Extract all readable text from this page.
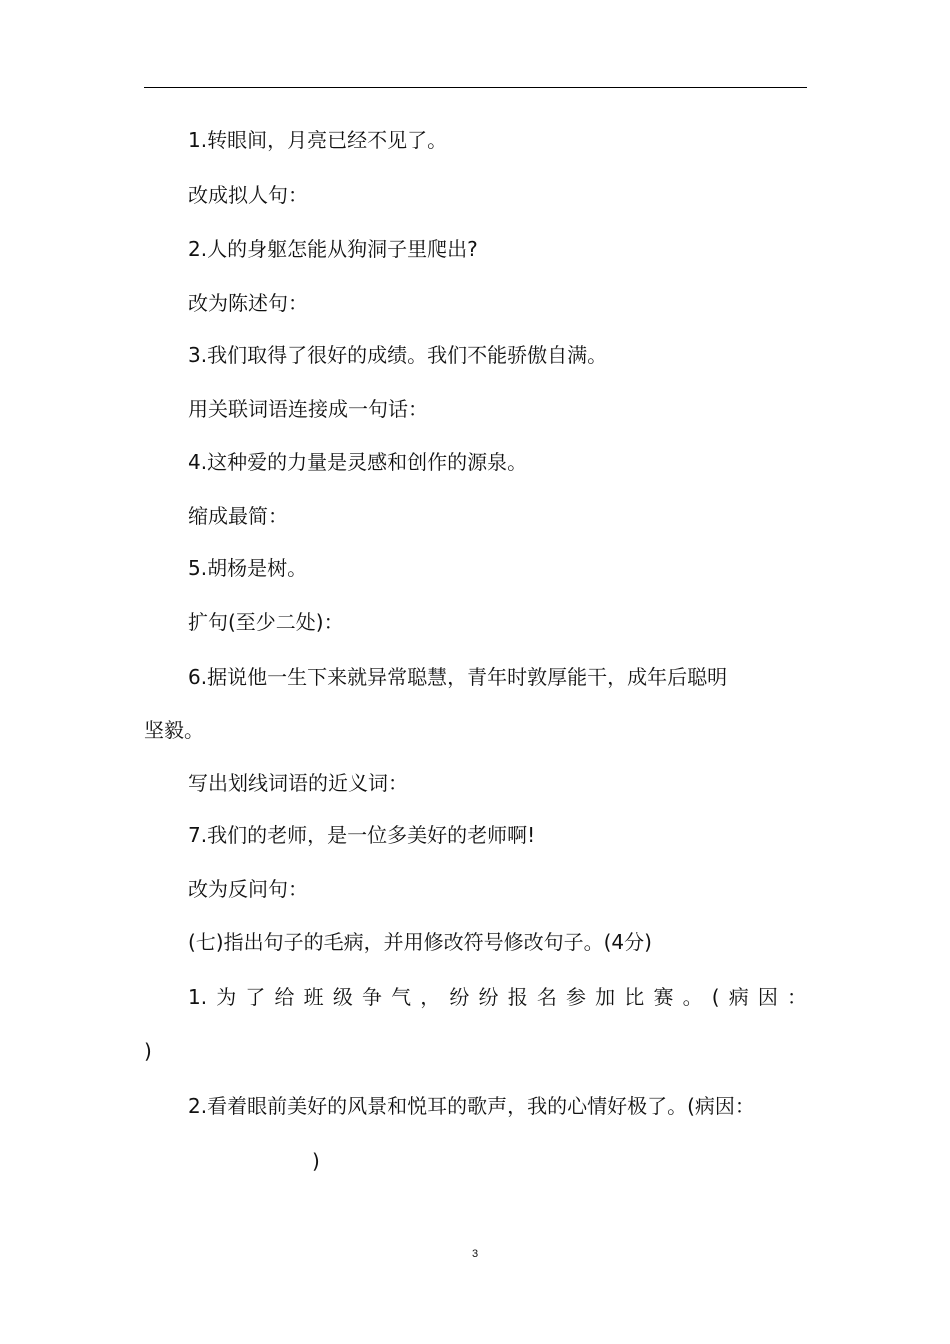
1.转眼间，月亮已经不见了。
改成拟人句：
2.人的身躯怎能从狗洞子里爬出?
改为陈述句：
3.我们取得了很好的成绩。我们不能骄傲自满。
用关联词语连接成一句话：
4.这种爱的力量是灵感和创作的源泉。
缩成最简：
5.胡杨是树。
扩句(至少二处)：
6.据说他一生下来就异常聪慧，青年时敦厚能干，成年后聪明
坚毅。
写出划线词语的近义词：
7.我们的老师，是一位多美好的老师啊!
改为反问句：
(七)指出句子的毛病，并用修改符号修改句子。(4分)
1.为了给班级争气，纷纷报名参加比赛。(病因：
)
2.看着眼前美好的风景和悦耳的歌声，我的心情好极了。(病因：
)
3
